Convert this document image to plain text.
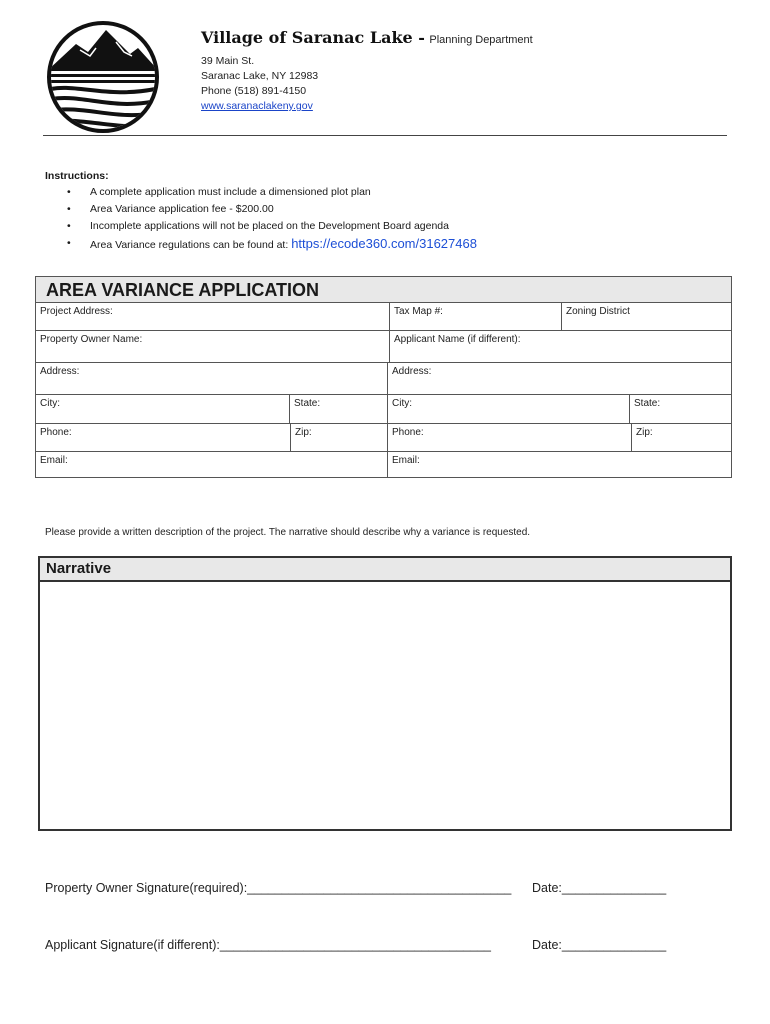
Village of Saranac Lake - Planning Department
39 Main St.
Saranac Lake, NY 12983
Phone (518) 891-4150
www.saranaclakeny.gov
Instructions:
• A complete application must include a dimensioned plot plan
• Area Variance application fee - $200.00
• Incomplete applications will not be placed on the Development Board agenda
• Area Variance regulations can be found at: https://ecode360.com/31627468
AREA VARIANCE APPLICATION
Project Address:	Tax Map #:	Zoning District
Property Owner Name:	Applicant Name (if different):
Address:	Address:
City:	State:	City:	State:
Phone:	Zip:	Phone:	Zip:
Email:	Email:
Please provide a written description of the project. The narrative should describe why a variance is requested.
Narrative
Property Owner Signature(required):______________________________________ Date:_______________
Applicant Signature(if different):_______________________________________	Date:_______________
